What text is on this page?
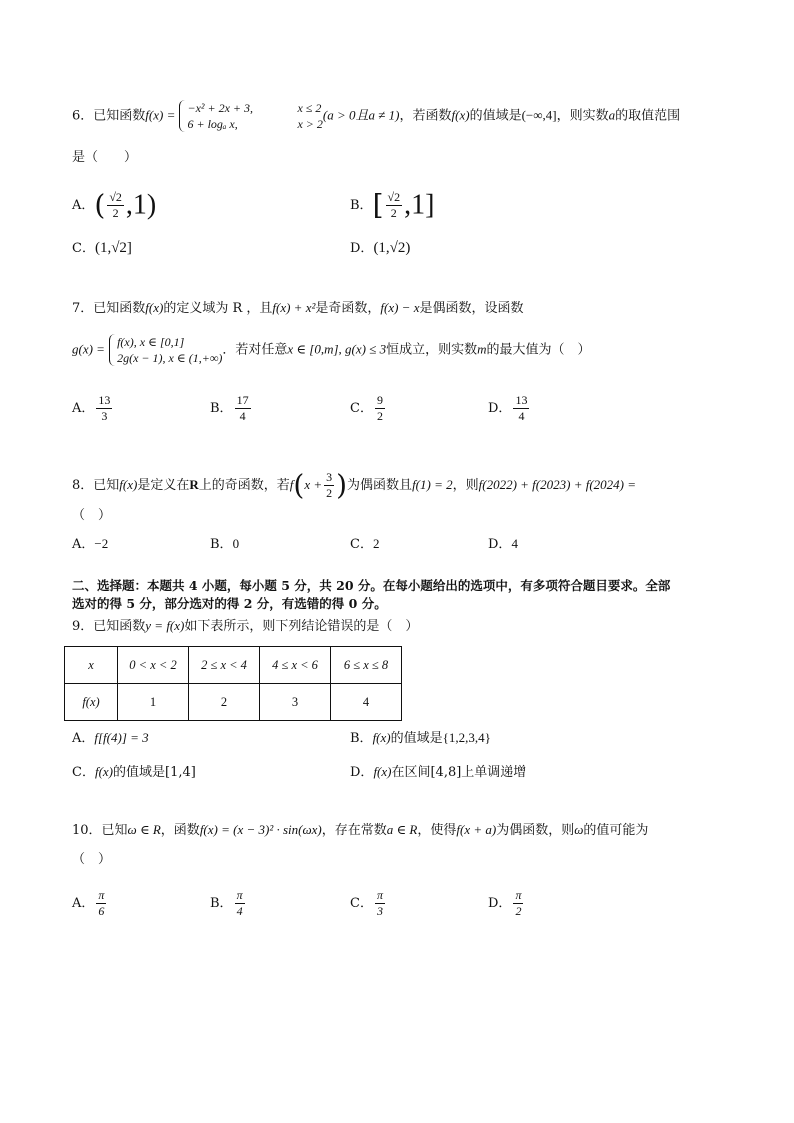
6．已知函数f(x) = −x² + 2x + 3,	x ≤ 2
6 + logₐ x,	x > 2
(a > 0且a ≠ 1)，若函数f(x)的值域是(−∞,4]，则实数a的取值范围
是（　　）
A．( $\frac{√2}{2} ,1$)	B．[ $\frac{√2}{2} ,1$]
C．(1,√2]	D．(1,√2)
7．已知函数f(x)的定义域为 R ，且f(x) + x²是奇函数，f(x) − x是偶函数，设函数
g(x) = f(x), x ∈ [0,1]
2g(x − 1), x ∈ (1,+∞)
．若对任意x ∈ [0,m], g(x) ≤ 3恒成立，则实数m的最大值为（　）
A． $\frac{13}{3}$	B． $\frac{17}{4}$	C． $\frac{9}{2}$	D． $\frac{13}{4}$
8．已知f(x)是定义在R上的奇函数，若$f(x + \frac{3}{2}$ )为偶函数且f(1) = 2，则f(2022) + f(2023) + f(2024) =
（　）
A．−2	B．0	C．2	D．4
二、选择题：本题共 4 小题，每小题 5 分，共 20 分。在每小题给出的选项中，有多项符合题目要求。全部
选对的得 5 分，部分选对的得 2 分，有选错的得 0 分。
9．已知函数y = f(x)如下表所示，则下列结论错误的是（　）
x	0 < x < 2	2 ≤ x < 4	4 ≤ x < 6	6 ≤ x ≤ 8
f(x)	1	2	3	4
A．f[f(4)] = 3	B．f(x)的值域是{1,2,3,4}
C．f(x)的值域是[1,4]	D．f(x)在区间[4,8]上单调递增
10．已知ω ∈ R，函数f(x) = (x − 3)² · sin(ωx)，存在常数a ∈ R，使得f(x + a)为偶函数，则ω的值可能为
（　）
A． $\frac{\pi}{6}$	B． $\frac{\pi}{4}$	C． $\frac{\pi}{3}$	D． $\frac{\pi}{2}$
